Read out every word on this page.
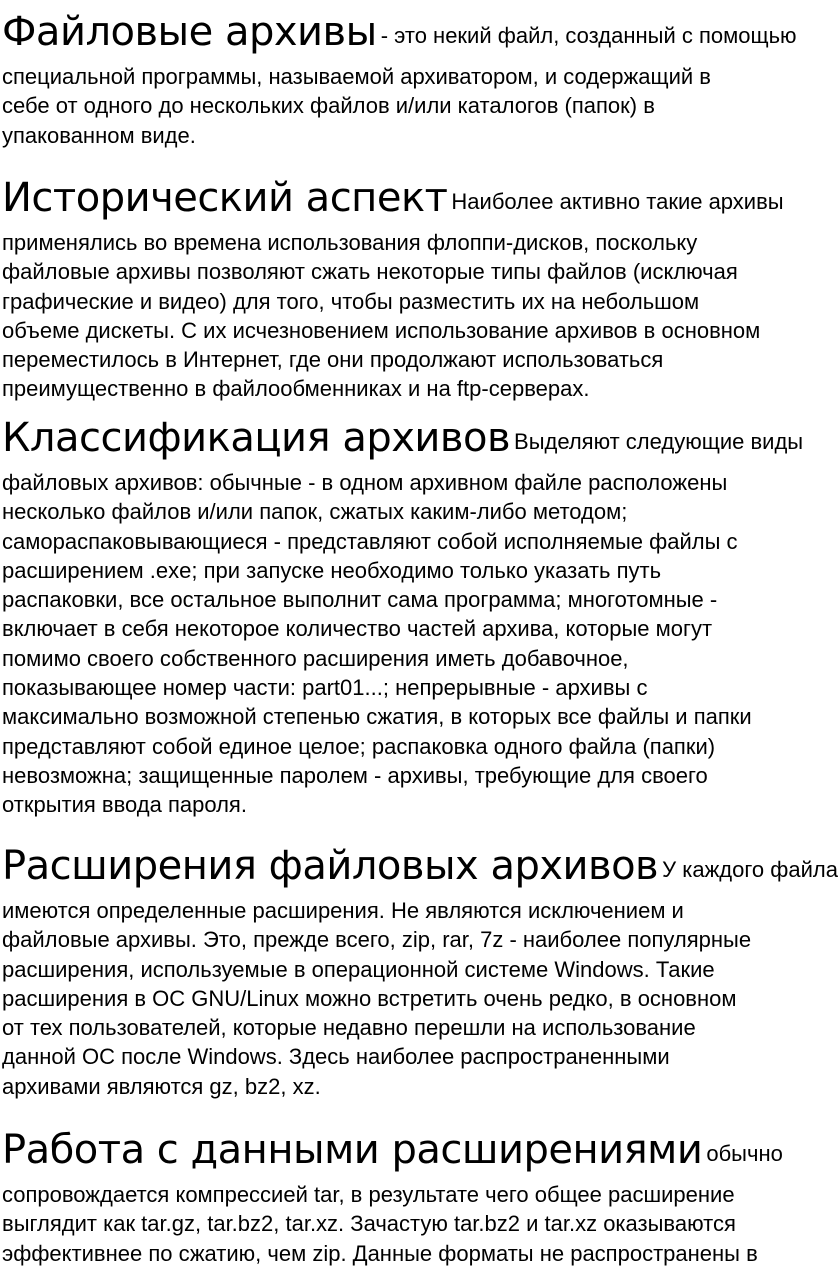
Файловые архивы - это некий файл, созданный с помощью

специальной программы, называемой архиватором, и содержащий в
себе от одного до нескольких файлов и/или каталогов (папок) в
упакованном виде.

Исторический аспект Наиболее активно такие архивы

применялись во времена использования флоппи-дисков, поскольку
файловые архивы позволяют сжать некоторые типы файлов (исключая
графические и видео) для того, чтобы разместить их на небольшом
объеме дискеты. С их исчезновением использование архивов в основном
переместилось в Интернет, где они продолжают использоваться
преимущественно в файлообменниках и на ftp-серверах.

Классификация архивов Выделяют следующие виды

файловых архивов: обычные - в одном архивном файле расположены
несколько файлов и/или папок, сжатых каким-либо методом;
самораспаковывающиеся - представляют собой исполняемые файлы с
расширением .exe; при запуске необходимо только указать путь
распаковки, все остальное выполнит сама программа; многотомные -
включает в себя некоторое количество частей архива, которые могут
помимо своего собственного расширения иметь добавочное,
показывающее номер части: part01...; непрерывные - архивы с
максимально возможной степенью сжатия, в которых все файлы и папки
представляют собой единое целое; распаковка одного файла (папки)
невозможна; защищенные паролем - архивы, требующие для своего
открытия ввода пароля.

Расширения файловых архивов У каждого файла

имеются определенные расширения. Не являются исключением и
файловые архивы. Это, прежде всего, zip, rar, 7z - наиболее популярные
расширения, используемые в операционной системе Windows. Такие
расширения в ОС GNU/Linux можно встретить очень редко, в основном
от тех пользователей, которые недавно перешли на использование
данной ОС после Windows. Здесь наиболее распространенными
архивами являются gz, bz2, xz.

Работа с данными расширениями обычно

сопровождается компрессией tar, в результате чего общее расширение
выглядит как tar.gz, tar.bz2, tar.xz. Зачастую tar.bz2 и tar.xz оказываются
эффективнее по сжатию, чем zip. Данные форматы не распространены в
